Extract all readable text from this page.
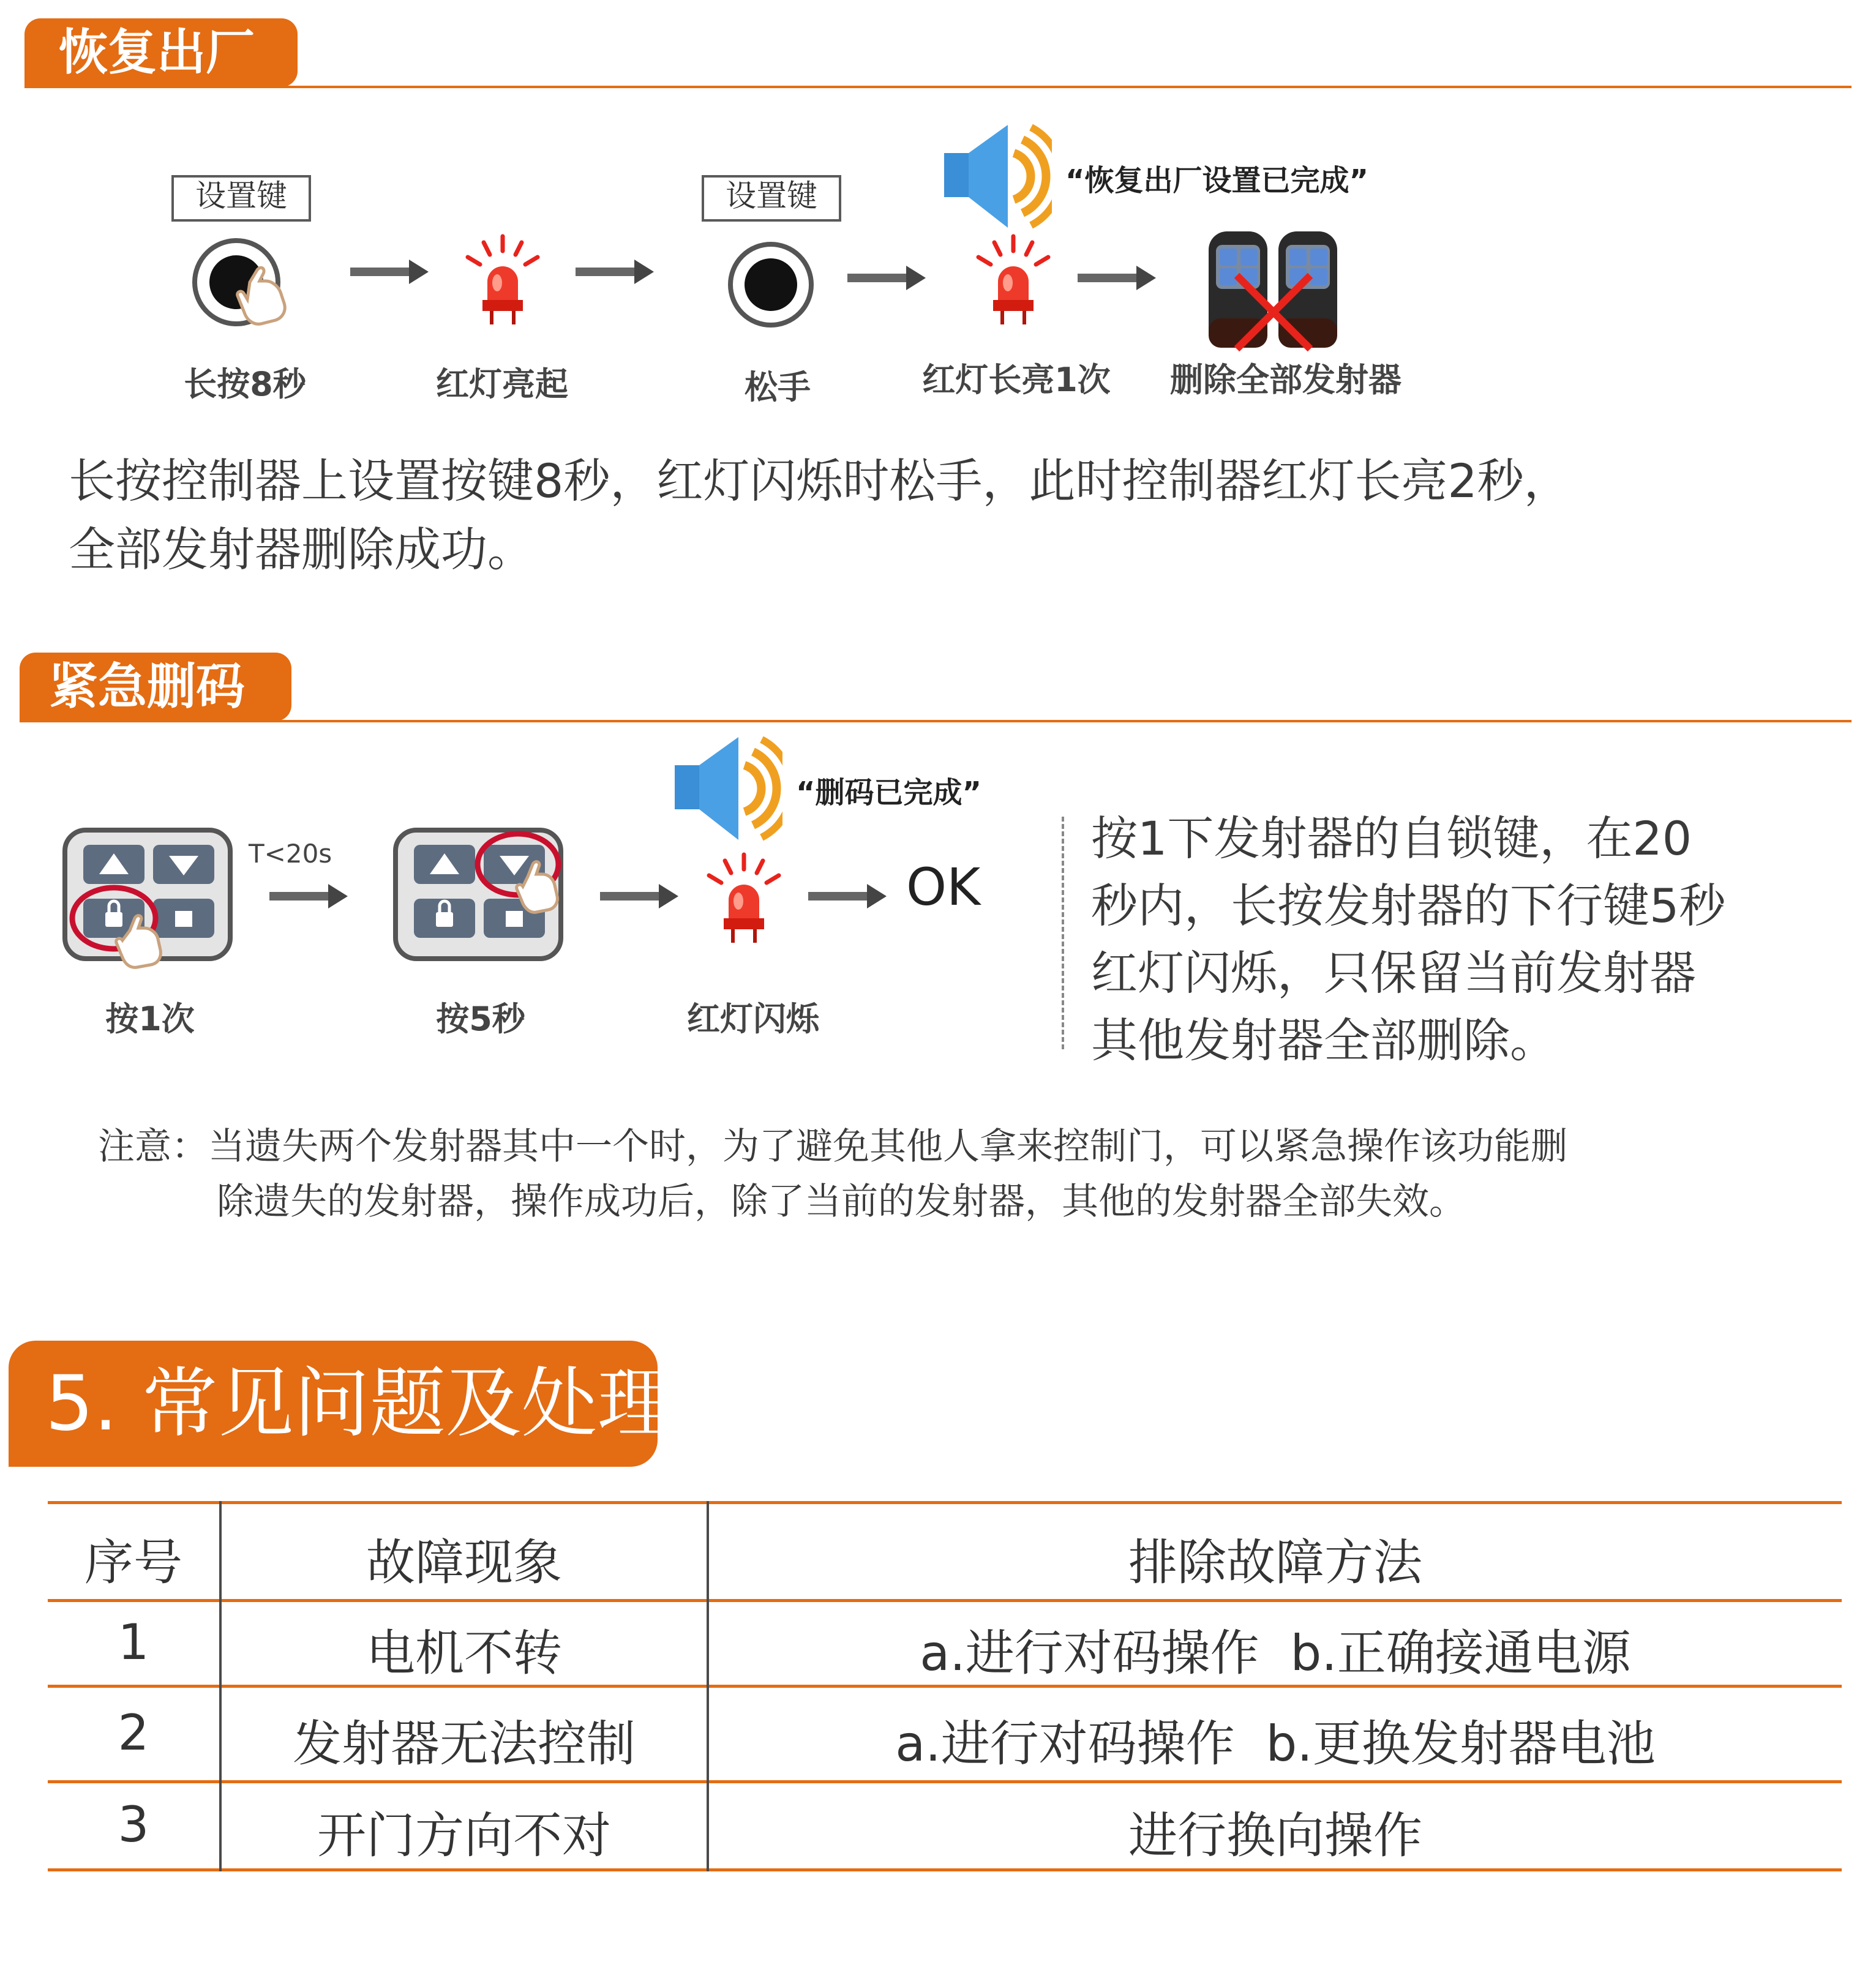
恢复出厂
设置键
长按8秒	红灯亮起
设置键
松手
“恢复出厂设置已完成”
红灯长亮1次	删除全部发射器
长按控制器上设置按键8秒，红灯闪烁时松手，此时控制器红灯长亮2秒，
全部发射器删除成功。
紧急删码
按1次
T<20s
按5秒
“删码已完成”
红灯闪烁
OK
按1下发射器的自锁键，在20
秒内，长按发射器的下行键5秒
红灯闪烁，只保留当前发射器
其他发射器全部删除。
注意：当遗失两个发射器其中一个时，为了避免其他人拿来控制门，可以紧急操作该功能删
除遗失的发射器，操作成功后，除了当前的发射器，其他的发射器全部失效。
5. 常见问题及处理
序号	故障现象	排除故障方法
1	电机不转	a.进行对码操作  b.正确接通电源
2	发射器无法控制	a.进行对码操作  b.更换发射器电池
3	开门方向不对	进行换向操作
